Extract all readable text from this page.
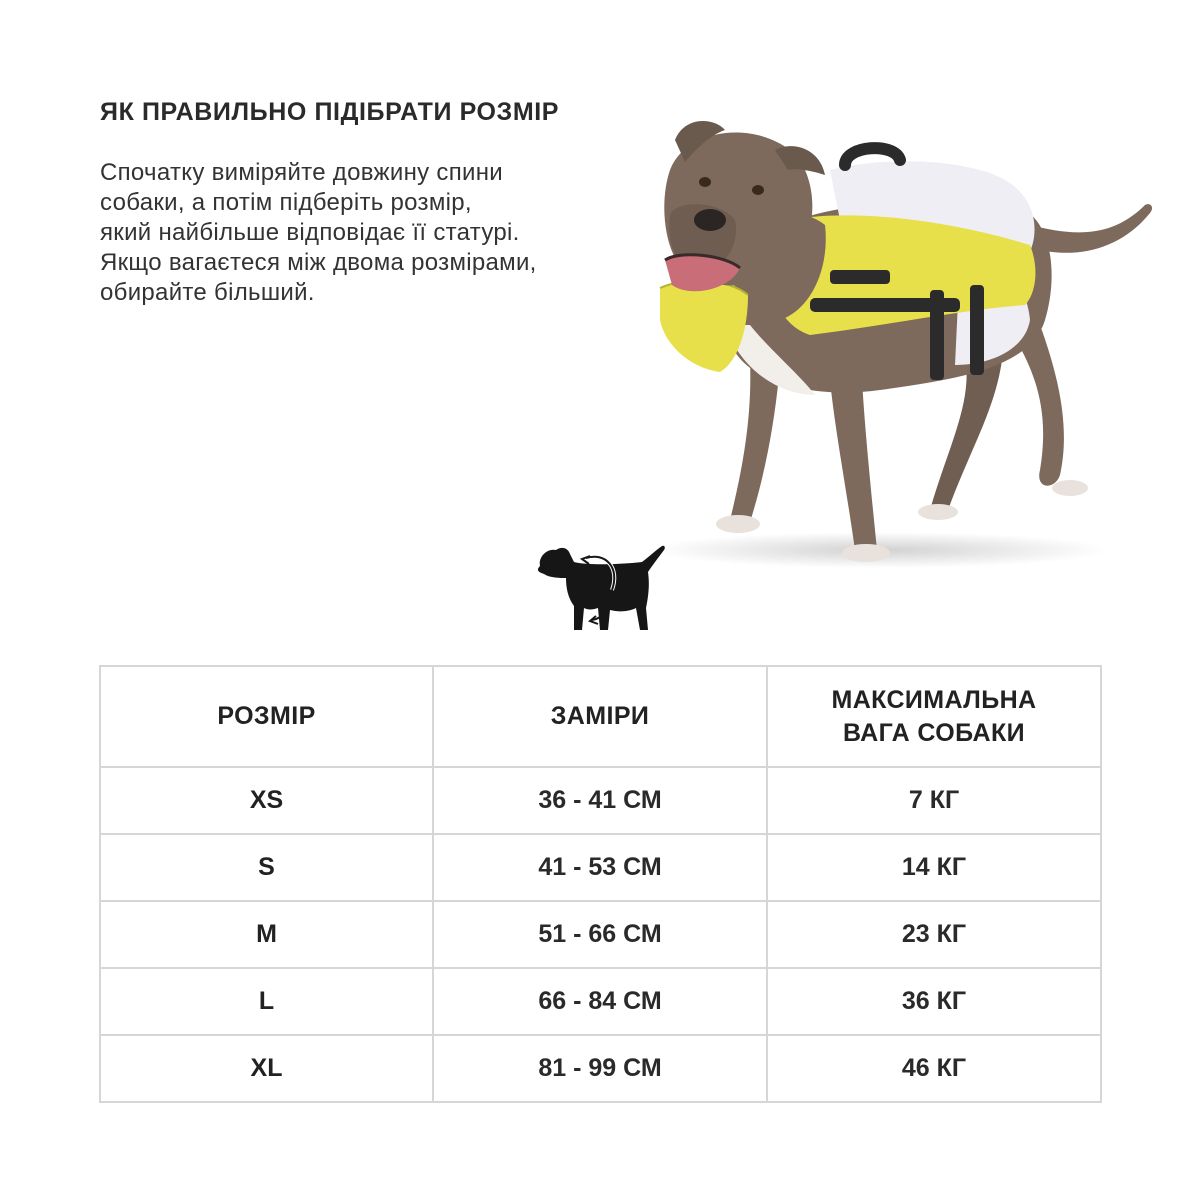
ЯК ПРАВИЛЬНО ПІДІБРАТИ РОЗМІР
Спочатку виміряйте довжину спини
собаки, а потім підберіть розмір,
який найбільше відповідає її статурі.
Якщо вагаєтеся між двома розмірами,
обирайте більший.
РОЗМІР	ЗАМІРИ	МАКСИМАЛЬНА
ВАГА СОБАКИ

XS	36 - 41 СМ	7 КГ
S	41 - 53 СМ	14 КГ
M	51 - 66 СМ	23 КГ
L	66 - 84 СМ	36 КГ
XL	81 - 99 СМ	46 КГ
